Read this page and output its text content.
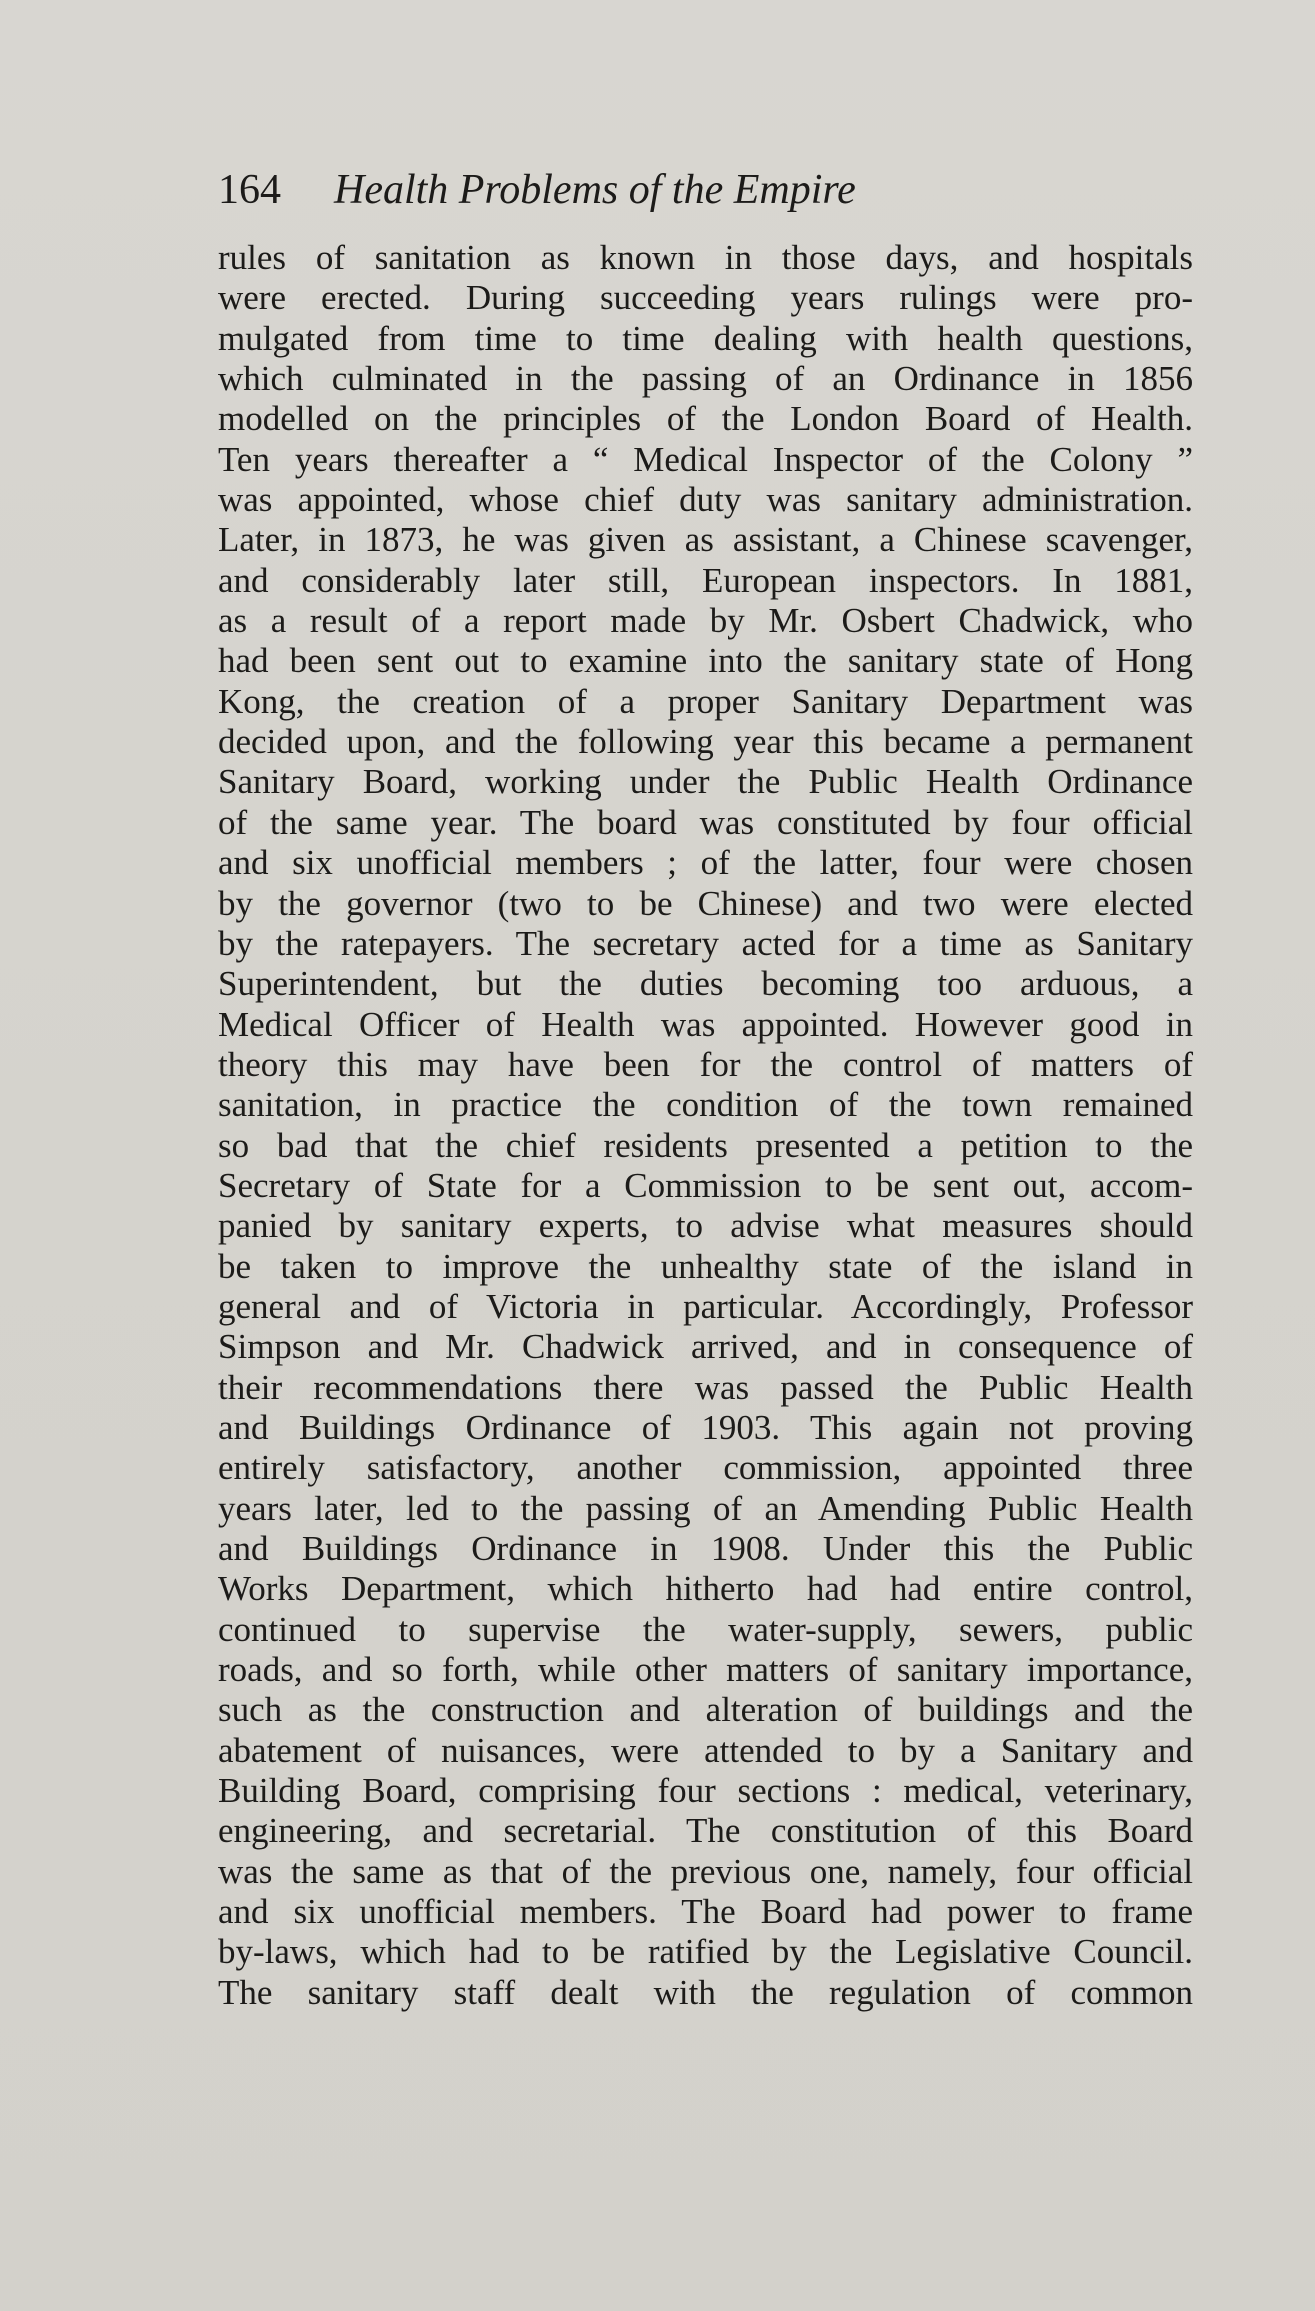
164 Health Problems of the Empire
rules of sanitation as known in those days, and hospitals
were erected. During succeeding years rulings were pro-
mulgated from time to time dealing with health questions,
which culminated in the passing of an Ordinance in 1856
modelled on the principles of the London Board of Health.
Ten years thereafter a “ Medical Inspector of the Colony ”
was appointed, whose chief duty was sanitary administration.
Later, in 1873, he was given as assistant, a Chinese scavenger,
and considerably later still, European inspectors. In 1881,
as a result of a report made by Mr. Osbert Chadwick, who
had been sent out to examine into the sanitary state of Hong
Kong, the creation of a proper Sanitary Department was
decided upon, and the following year this became a permanent
Sanitary Board, working under the Public Health Ordinance
of the same year. The board was constituted by four official
and six unofficial members ; of the latter, four were chosen
by the governor (two to be Chinese) and two were elected
by the ratepayers. The secretary acted for a time as Sanitary
Superintendent, but the duties becoming too arduous, a
Medical Officer of Health was appointed. However good in
theory this may have been for the control of matters of
sanitation, in practice the condition of the town remained
so bad that the chief residents presented a petition to the
Secretary of State for a Commission to be sent out, accom-
panied by sanitary experts, to advise what measures should
be taken to improve the unhealthy state of the island in
general and of Victoria in particular. Accordingly, Professor
Simpson and Mr. Chadwick arrived, and in consequence of
their recommendations there was passed the Public Health
and Buildings Ordinance of 1903. This again not proving
entirely satisfactory, another commission, appointed three
years later, led to the passing of an Amending Public Health
and Buildings Ordinance in 1908. Under this the Public
Works Department, which hitherto had had entire control,
continued to supervise the water-supply, sewers, public
roads, and so forth, while other matters of sanitary importance,
such as the construction and alteration of buildings and the
abatement of nuisances, were attended to by a Sanitary and
Building Board, comprising four sections : medical, veterinary,
engineering, and secretarial. The constitution of this Board
was the same as that of the previous one, namely, four official
and six unofficial members. The Board had power to frame
by-laws, which had to be ratified by the Legislative Council.
The sanitary staff dealt with the regulation of common
